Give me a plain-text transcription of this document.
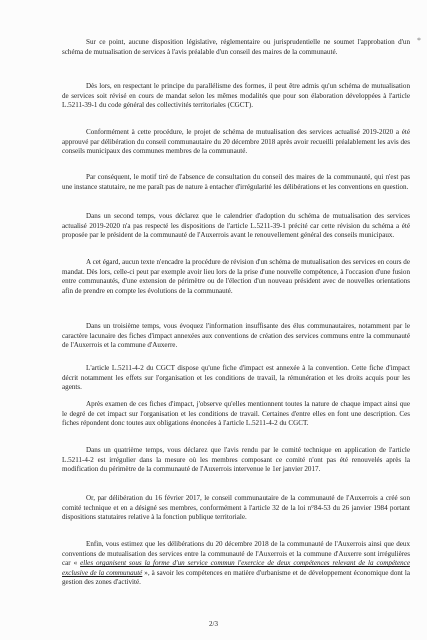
*

Sur ce point, aucune disposition législative, réglementaire ou jurisprudentielle ne soumet l'approbation d'un schéma de mutualisation de services à l'avis préalable d'un conseil des maires de la communauté.

Dès lors, en respectant le principe du parallélisme des formes, il peut être admis qu'un schéma de mutualisation de services soit révisé en cours de mandat selon les mêmes modalités que pour son élaboration développées à l'article L.5211-39-1 du code général des collectivités territoriales (CGCT).

Conformément à cette procédure, le projet de schéma de mutualisation des services actualisé 2019-2020 a été approuvé par délibération du conseil communautaire du 20 décembre 2018 après avoir recueilli préalablement les avis des conseils municipaux des communes membres de la communauté.

Par conséquent, le motif tiré de l'absence de consultation du conseil des maires de la communauté, qui n'est pas une instance statutaire, ne me paraît pas de nature à entacher d'irrégularité les délibérations et les conventions en question.

Dans un second temps, vous déclarez que le calendrier d'adoption du schéma de mutualisation des services actualisé 2019-2020 n'a pas respecté les dispositions de l'article L.5211-39-1 précité car cette révision du schéma a été proposée par le président de la communauté de l'Auxerrois avant le renouvellement général des conseils municipaux.

A cet égard, aucun texte n'encadre la procédure de révision d'un schéma de mutualisation des services en cours de mandat. Dès lors, celle-ci peut par exemple avoir lieu lors de la prise d'une nouvelle compétence, à l'occasion d'une fusion entre communautés, d'une extension de périmètre ou de l'élection d'un nouveau président avec de nouvelles orientations afin de prendre en compte les évolutions de la communauté.

Dans un troisième temps, vous évoquez l'information insuffisante des élus communautaires, notamment par le caractère lacunaire des fiches d'impact annexées aux conventions de création des services communs entre la communauté de l'Auxerrois et la commune d'Auxerre.

L'article L.5211-4-2 du CGCT dispose qu'une fiche d'impact est annexée à la convention. Cette fiche d'impact décrit notamment les effets sur l'organisation et les conditions de travail, la rémunération et les droits acquis pour les agents.

Après examen de ces fiches d'impact, j'observe qu'elles mentionnent toutes la nature de chaque impact ainsi que le degré de cet impact sur l'organisation et les conditions de travail. Certaines d'entre elles en font une description. Ces fiches répondent donc toutes aux obligations énoncées à l'article L.5211-4-2 du CGCT.

Dans un quatrième temps, vous déclarez que l'avis rendu par le comité technique en application de l'article L.5211-4-2 est irrégulier dans la mesure où les membres composant ce comité n'ont pas été renouvelés après la modification du périmètre de la communauté de l'Auxerrois intervenue le 1er janvier 2017.

Or, par délibération du 16 février 2017, le conseil communautaire de la communauté de l'Auxerrois a créé son comité technique et en a désigné ses membres, conformément à l'article 32 de la loi n°84-53 du 26 janvier 1984 portant dispositions statutaires relative à la fonction publique territoriale.

Enfin, vous estimez que les délibérations du 20 décembre 2018 de la communauté de l'Auxerrois ainsi que deux conventions de mutualisation des services entre la communauté de l'Auxerrois et la commune d'Auxerre sont irrégulières car « elles organisent sous la forme d'un service commun l'exercice de deux compétences relevant de la compétence exclusive de la communauté », à savoir les compétences en matière d'urbanisme et de développement économique dont la gestion des zones d'activité.

2/3
